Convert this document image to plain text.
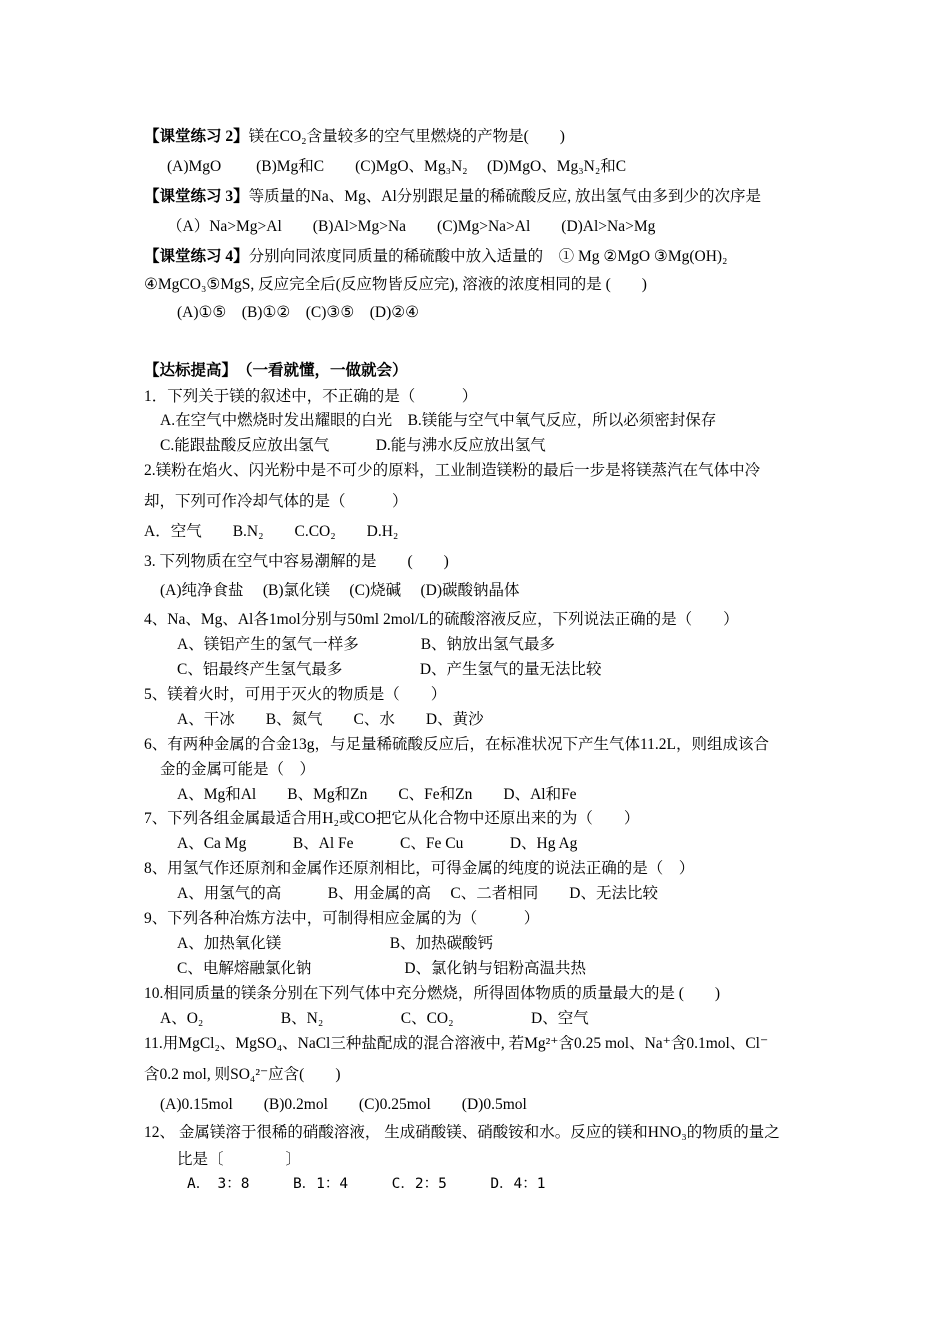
【课堂练习 2】镁在CO₂含量较多的空气里燃烧的产物是(　　)
(A)MgO　　 (B)Mg和C　　(C)MgO、Mg₃N₂　 (D)MgO、Mg₃N₂和C
【课堂练习 3】等质量的Na、Mg、Al分别跟足量的稀硫酸反应, 放出氢气由多到少的次序是
（A）Na>Mg>Al　　(B)Al>Mg>Na　　(C)Mg>Na>Al　　(D)Al>Na>Mg
【课堂练习 4】分别向同浓度同质量的稀硫酸中放入适量的　① Mg ②MgO ③Mg(OH)₂
④MgCO₃⑤MgS, 反应完全后(反应物皆反应完), 溶液的浓度相同的是 (　　)
(A)①⑤　(B)①②　(C)③⑤　(D)②④
【达标提高】　（一看就懂，一做就会）
1．下列关于镁的叙述中，不正确的是（　　　）
A.在空气中燃烧时发出耀眼的白光　B.镁能与空气中氧气反应，所以必须密封保存
C.能跟盐酸反应放出氢气　　　D.能与沸水反应放出氢气
2.镁粉在焰火、闪光粉中是不可少的原料，工业制造镁粉的最后一步是将镁蒸汽在气体中冷
却，下列可作冷却气体的是（　　　）
A．空气　　B.N₂　　C.CO₂　　D.H₂
3. 下列物质在空气中容易潮解的是　　(　　)
(A)纯净食盐　 (B)氯化镁　 (C)烧碱　 (D)碳酸钠晶体
4、Na、Mg、Al各1mol分别与50ml 2mol/L的硫酸溶液反应，下列说法正确的是（　　）
A、镁铝产生的氢气一样多　　　　B、钠放出氢气最多
C、铝最终产生氢气最多　　　　　D、产生氢气的量无法比较
5、镁着火时，可用于灭火的物质是（　　）
A、干冰　　B、氮气　　C、水　　D、黄沙
6、有两种金属的合金13g，与足量稀硫酸反应后，在标准状况下产生气体11.2L，则组成该合
金的金属可能是（　）
A、Mg和Al　　B、Mg和Zn　　C、Fe和Zn　　D、Al和Fe
7、下列各组金属最适合用H₂或CO把它从化合物中还原出来的为（　　）
A、Ca Mg　　　B、Al Fe　　　C、Fe Cu　　　D、Hg Ag
8、用氢气作还原剂和金属作还原剂相比，可得金属的纯度的说法正确的是（　）
A、用氢气的高　　　B、用金属的高　 C、二者相同　　D、无法比较
9、下列各种冶炼方法中，可制得相应金属的为（　　　）
A、加热氧化镁　　　　　　　B、加热碳酸钙
C、电解熔融氯化钠　　　　　　D、氯化钠与铝粉高温共热
10.相同质量的镁条分别在下列气体中充分燃烧，所得固体物质的质量最大的是 (　　)
A、O₂　　　　　B、N₂　　　　　C、CO₂　　　　　D、空气
11.用MgCl₂、MgSO₄、NaCl三种盐配成的混合溶液中, 若Mg²⁺含0.25 mol、Na⁺含0.1mol、Cl⁻
含0.2 mol, 则SO₄²⁻应含(　　)
(A)0.15mol　　(B)0.2mol　　(C)0.25mol　　(D)0.5mol
12、 金属镁溶于很稀的硝酸溶液， 生成硝酸镁、硝酸铵和水。反应的镁和HNO₃的物质的量之
比是〔　　　　〕
A．　3：8　　　B．1：4　　　C．2：5　　　D．4：1
